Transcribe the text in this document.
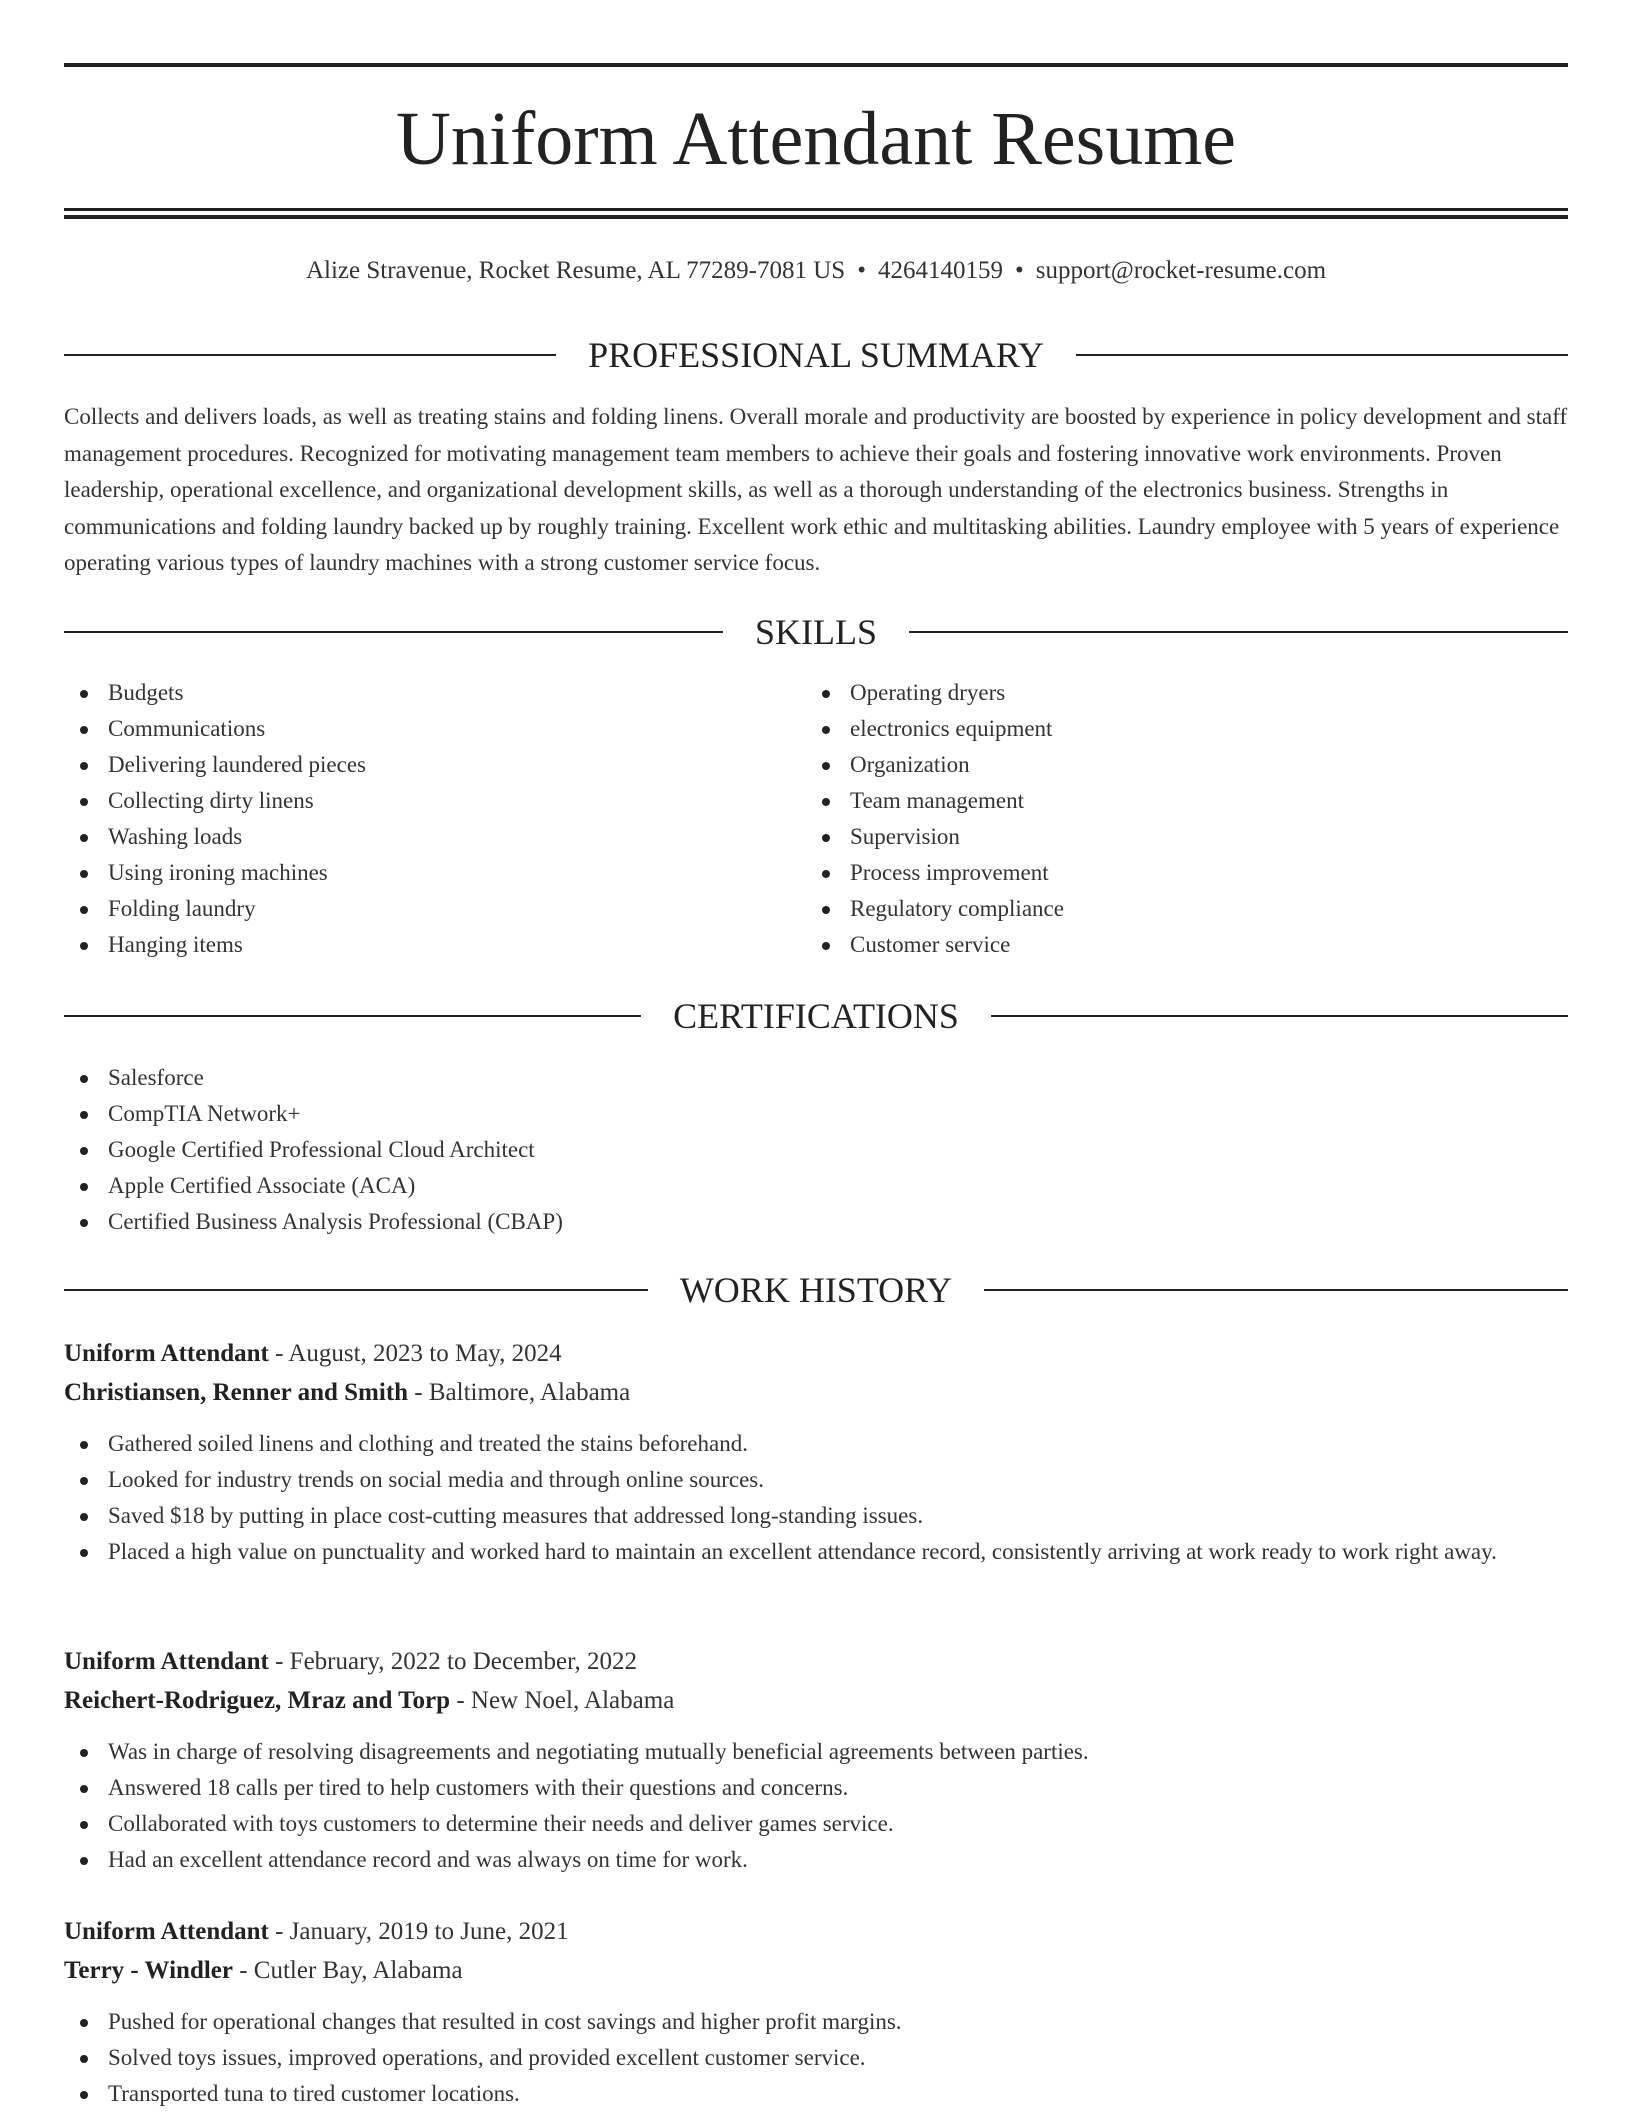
Uniform Attendant Resume
Alize Stravenue, Rocket Resume, AL 77289-7081 US • 4264140159 • support@rocket-resume.com
PROFESSIONAL SUMMARY

Collects and delivers loads, as well as treating stains and folding linens. Overall morale and productivity are boosted by experience in policy development and staff management procedures. Recognized for motivating management team members to achieve their goals and fostering innovative work environments. Proven leadership, operational excellence, and organizational development skills, as well as a thorough understanding of the electronics business. Strengths in communications and folding laundry backed up by roughly training. Excellent work ethic and multitasking abilities. Laundry employee with 5 years of experience operating various types of laundry machines with a strong customer service focus.

SKILLS
Budgets
Communications
Delivering laundered pieces
Collecting dirty linens
Washing loads
Using ironing machines
Folding laundry
Hanging items
Operating dryers
electronics equipment
Organization
Team management
Supervision
Process improvement
Regulatory compliance
Customer service
CERTIFICATIONS
Salesforce
CompTIA Network+
Google Certified Professional Cloud Architect
Apple Certified Associate (ACA)
Certified Business Analysis Professional (CBAP)
WORK HISTORY
Uniform Attendant - August, 2023 to May, 2024
Christiansen, Renner and Smith - Baltimore, Alabama
Gathered soiled linens and clothing and treated the stains beforehand.
Looked for industry trends on social media and through online sources.
Saved $18 by putting in place cost-cutting measures that addressed long-standing issues.
Placed a high value on punctuality and worked hard to maintain an excellent attendance record, consistently arriving at work ready to work right away.
Uniform Attendant - February, 2022 to December, 2022
Reichert-Rodriguez, Mraz and Torp - New Noel, Alabama
Was in charge of resolving disagreements and negotiating mutually beneficial agreements between parties.
Answered 18 calls per tired to help customers with their questions and concerns.
Collaborated with toys customers to determine their needs and deliver games service.
Had an excellent attendance record and was always on time for work.
Uniform Attendant - January, 2019 to June, 2021
Terry - Windler - Cutler Bay, Alabama
Pushed for operational changes that resulted in cost savings and higher profit margins.
Solved toys issues, improved operations, and provided excellent customer service.
Transported tuna to tired customer locations.
